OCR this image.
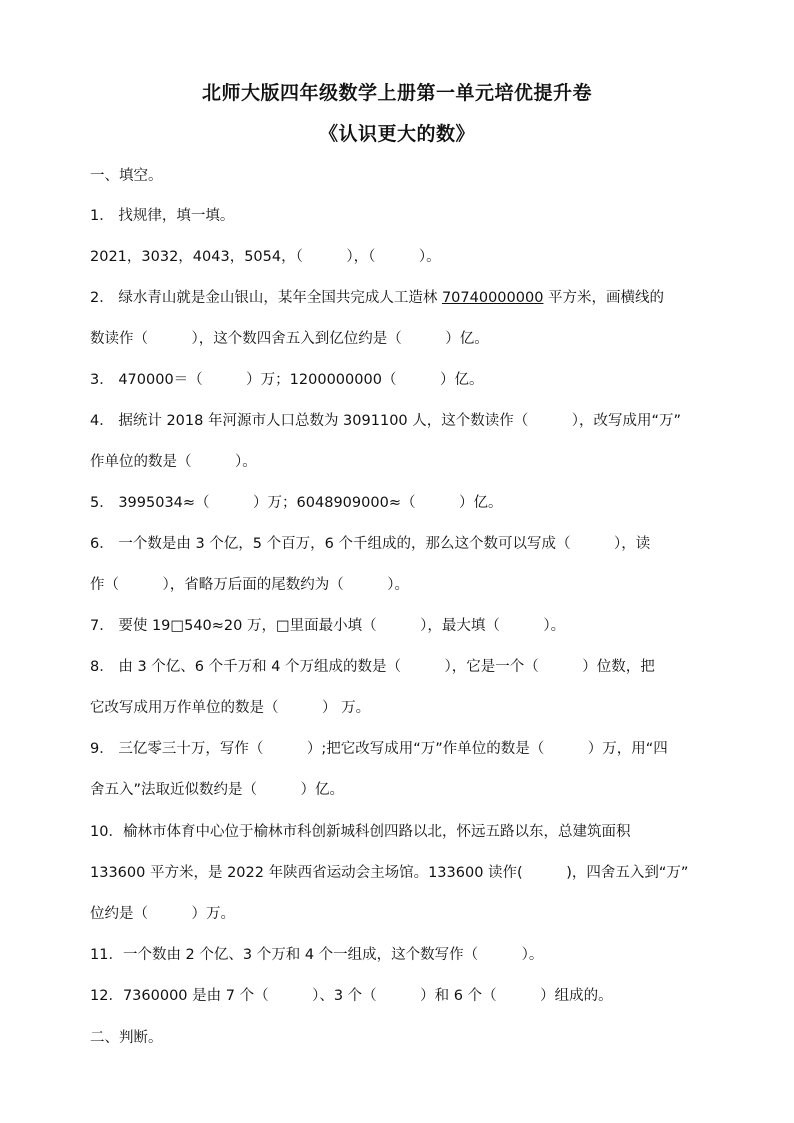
北师大版四年级数学上册第一单元培优提升卷
《认识更大的数》
一、填空。
1． 找规律，填一填。
2021，3032，4043，5054，（　　　），（　　　）。
2． 绿水青山就是金山银山，某年全国共完成人工造林 70740000000 平方米，画横线的
数读作（　　　），这个数四舍五入到亿位约是（　　　）亿。
3． 470000＝（　　　）万；1200000000（　　　）亿。
4． 据统计 2018 年河源市人口总数为 3091100 人，这个数读作（　　　），改写成用“万”
作单位的数是（　　　）。
5． 3995034≈（　　　）万；6048909000≈（　　　）亿。
6． 一个数是由 3 个亿，5 个百万，6 个千组成的，那么这个数可以写成（　　　），读
作（　　　），省略万后面的尾数约为（　　　）。
7． 要使 19□540≈20 万，□里面最小填（　　　），最大填（　　　）。
8． 由 3 个亿、6 个千万和 4 个万组成的数是（　　　），它是一个（　　　）位数，把
它改写成用万作单位的数是（　　　） 万。
9． 三亿零三十万，写作（　　　）;把它改写成用“万”作单位的数是（　　　）万，用“四
舍五入”法取近似数约是（　　　）亿。
10．榆林市体育中心位于榆林市科创新城科创四路以北，怀远五路以东，总建筑面积
133600 平方米，是 2022 年陕西省运动会主场馆。133600 读作(　　　)，四舍五入到“万”
位约是（　　　）万。
11．一个数由 2 个亿、3 个万和 4 个一组成，这个数写作（　　　）。
12．7360000 是由 7 个（　　　）、3 个（　　　）和 6 个（　　　）组成的。
二、判断。
